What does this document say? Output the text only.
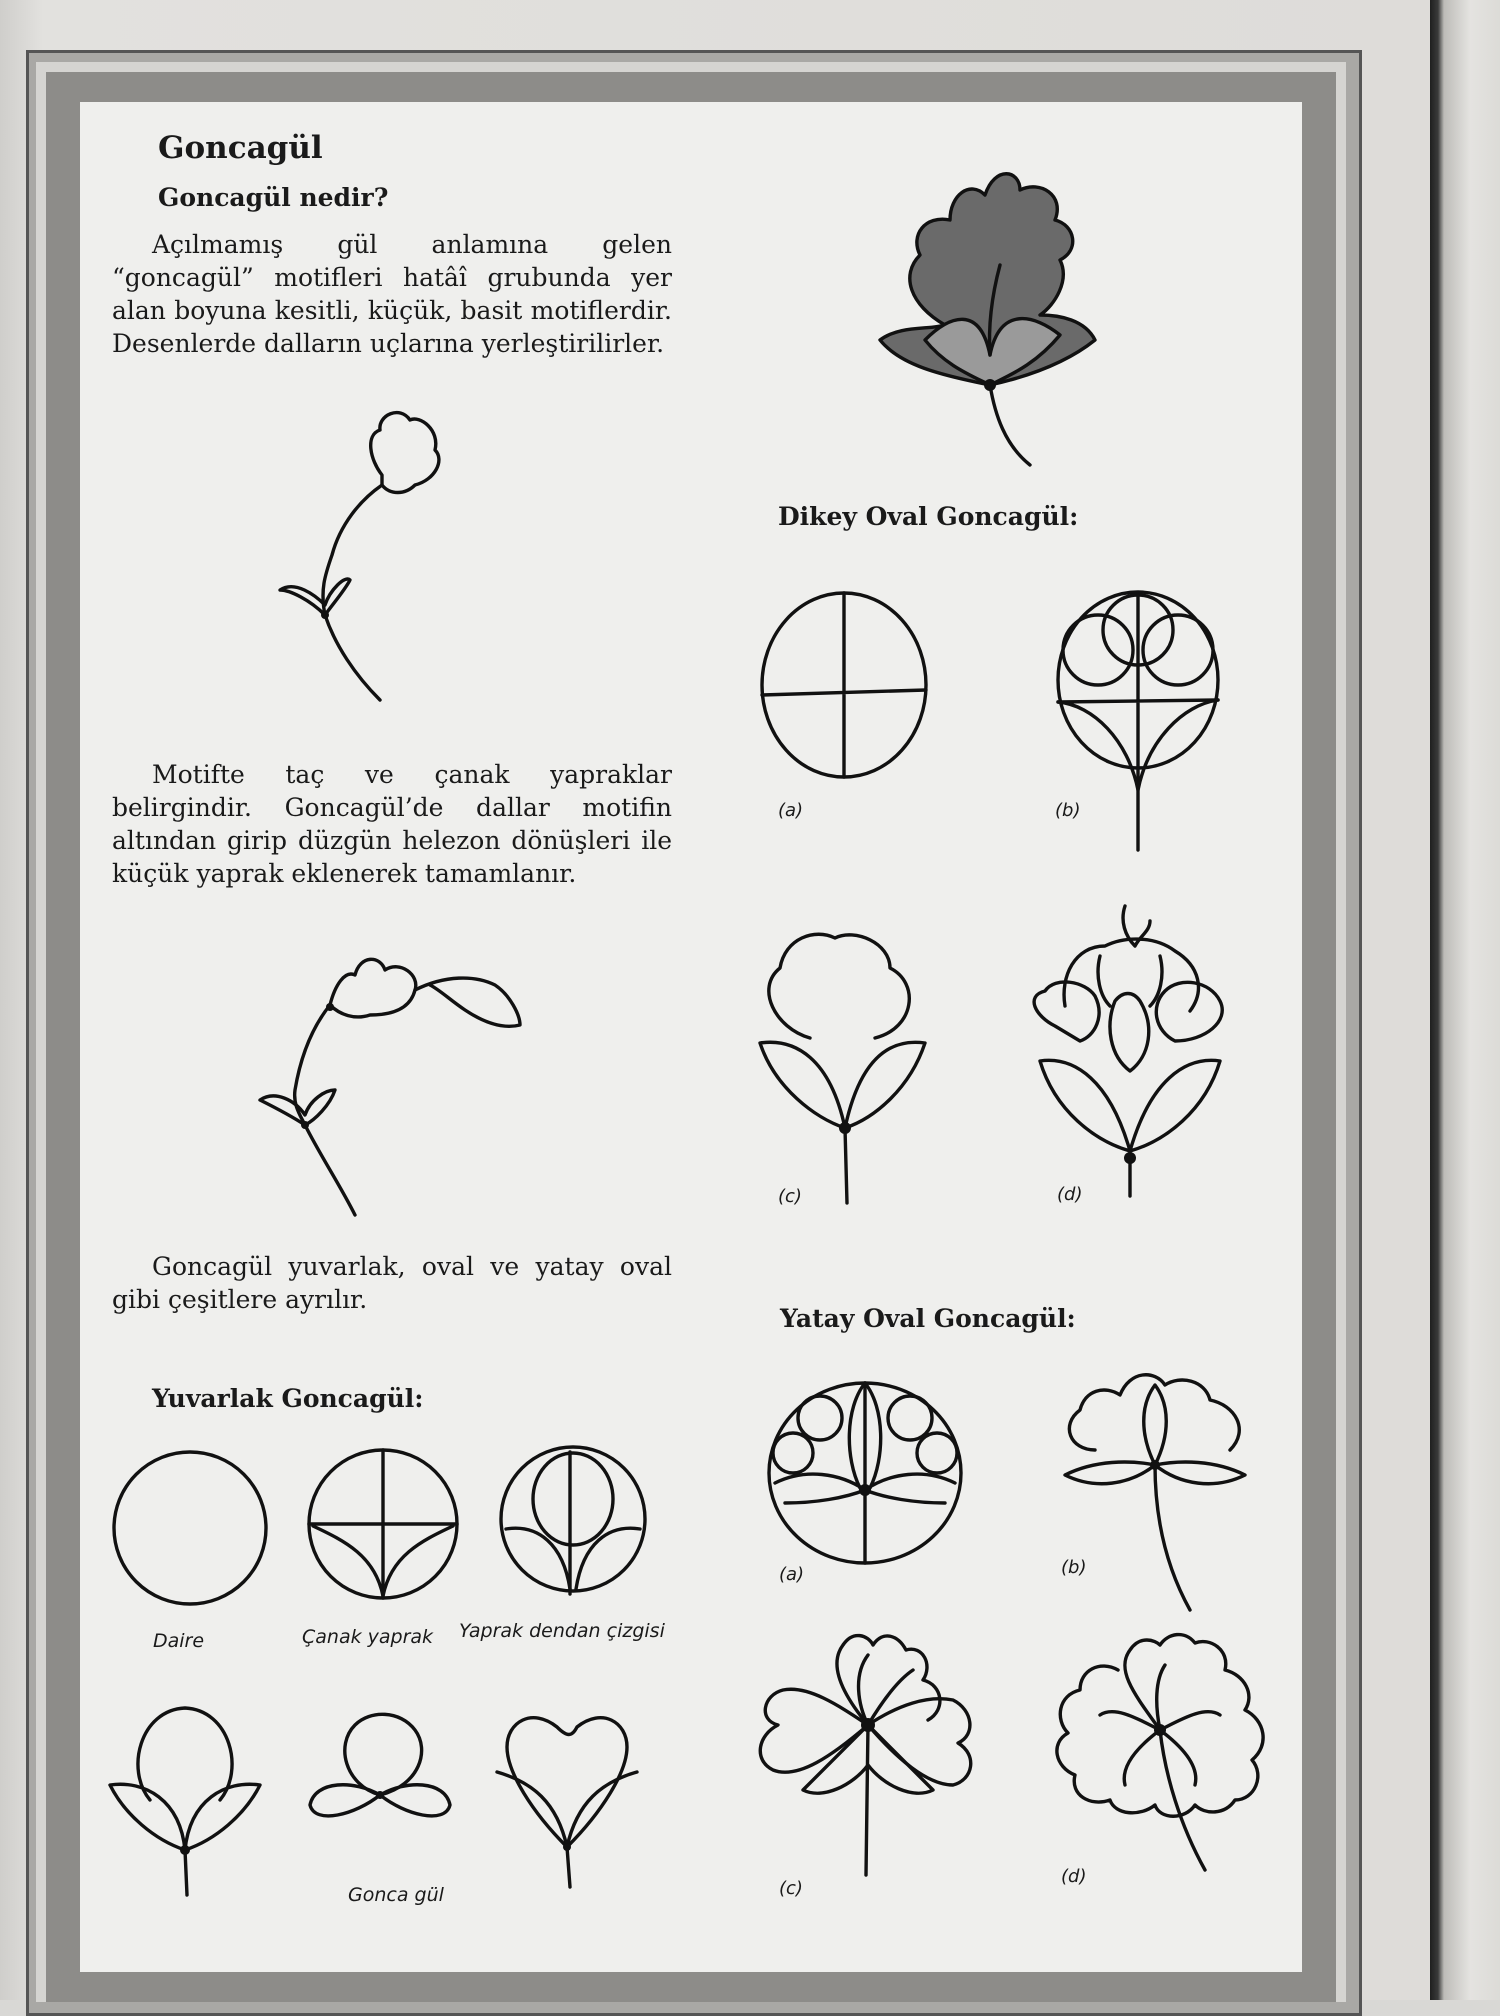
Goncagül
Goncagül nedir?

Açılmamış gül anlamına gelen “goncagül” motifleri hatâî grubunda yer alan boyuna kesitli, küçük, basit motiflerdir. Desenlerde dalların uçlarına yerleştirilirler.

Motifte taç ve çanak yapraklar belirgindir. Goncagül’de dallar motifin altından girip düzgün helezon dönüşleri ile küçük yaprak eklenerek tamamlanır.

Goncagül yuvarlak, oval ve yatay oval gibi çeşitlere ayrılır.

Yuvarlak Goncagül:
Dikey Oval Goncagül:
Yatay Oval Goncagül:
Daire	Çanak yaprak Yaprak dendan çizgisi
Gonca gül
(a)	(b)
(c)	(d)
(a)	(b)
(c)
(d)
